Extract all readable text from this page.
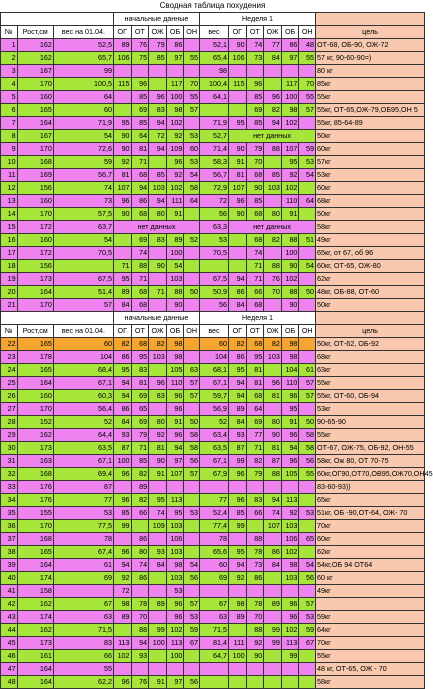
Сводная таблица похудения
			начальные данные					Неделя 1						
№	Рост,см	вес на 01.04.	ОГ	ОТ	ОЖ	ОБ	ОН	вес	ОГ	ОТ	ОЖ	ОБ	ОН	цель
1	162	52,5	89	76	79	86		52,1	90	74	77	86	48	ОТ-68, ОБ-90, ОЖ-72
2	162	65,7	106	75	85	97	55	65,4	106	73	84	97	55	57 кг, 90-60-90=)
3	167	99						98						80 кг
4	170	100,5	115	96		117	70	100,4	115	96		117	70	85кг
5	160	64		85	96	100	55	64,1		85	96	100	55	55кг
6	165	60		69	83	98	57			69	82	98	57	55кг, ОТ-65,ОЖ-79,ОБ95,ОН 5
7	164	71,9	95	85	94	102		71,9	95	85	94	102		55кг, 85-64-89
8	167	54	90	64	72	92	53	52,7	нет данных					50кг
9	170	72,6	90	81	94	109	60	71,4	90	79	88	107	59	60кг
10	168	59	92	71		96	53	58,3	91	70		95	53	57кг
11	169	56,7	81	68	85	92	54	56,7	81	68	85	92	54	53кг
12	156	74	107	94	103	102	58	72,9	107	90	103	102		60кг
13	160	73	96	86	94	111	64	72	96	85		110	64	68кг
14	170	57,5	90	68	80	91		56	90	68	80	91		50кг
15	172	63,7	нет данных					63,3	нет данных					58кг
16	160	54		69	83	89	52	53		68	82	88	51	49кг
17	172	70,5		74		100		70,5		74		100		65кг, от 67, об 96
18	156		71	88	90	54				71	88	90	54	60кг, ОТ-65, ОЖ-80
19	173	67,5	95	71		103		67,5	94	71	76	102		62кг
20	164	51,4	89	68	71	88	50	50,9	86	66	70	88	50	48кг, ОБ-88, ОТ-60
21	170	57	84	68		90		56	84	68		90		50кг
			начальные данные					Неделя 1						
№	Рост,см	вес на 01.04.	ОГ	ОТ	ОЖ	ОБ	ОН	вес	ОГ	ОТ	ОЖ	ОБ	ОН	цель
22	165	60	82	68	82	98		60	82	68	82	98		50кг, ОТ-62, ОБ-92
23	178	104	86	95	103	98		104	86	95	103	98		68кг
24	165	68,4	95	83		105	63	68,1	95	81		104	61	63кг
25	164	67,1	94	81	96	110	57	67,1	94	81	96	110	57	55кг
26	160	60,3	94	69	83	96	57	59,7	94	68	81	96	57	55кг, ОТ-60, ОБ-94
27	170	56,4	86	65		96		56,9	89	64		95		53кг
28	152	52	84	69	80	91	50	52	84	69	80	91	50	90-65-90
29	162	64,4	93	79	92	96	58	63,4	93	77	90	96	58	55кг
30	173	63,5	87	71	81	94	58	63,5	87	71	81	94	58	ОТ-67, ОЖ-75, ОБ-92, ОН-55
31	163	67,1	100	85	90	97	56	67,1	99	82	87	96	56	58кг, Ож 80, ОТ 70-75
32	168	69,4	96	82	91	107	57	67,9	96	79	88	105	55	60кг,ОГ90,ОТ70,ОВ95,ОЖ70,ОН45
33	176	87		89										83-60-93))
34	176	77	96	82	95	113		77	96	83	94	113		65кг
35	155	53	85	66	74	95	53	52,4	85	66	74	92	53	51кг, ОБ -90,ОТ-64, ОЖ- 70
36	170	77,5	99		109	103		77,4	99		107	103		70кг
37	168	78		86		106		78		88		106	65	60кг
38	165	67,4	96	80	93	103		65,6	95	78	86	102		62кг
39	164	61	94	74	84	98	54	60	94	73	84	98	54	54кг,ОБ 94 ОТ64
40	174	69	92	86		103	56	69	92	86		103	56	60 кг
41	158		72			53								49кг
42	162	67	98	78	89	96	57	67	98	78	89	96	57	
43	174	63	89	70		96	53	63	89	70		96	53	59кг
44	162	71,5		88	99	102	59	71,5		88	99	102	59	64кг
45	173	83	113	94	100	113	67	81,4	111	92	99	113	67	70кг
46	161	66	102	93		100		64,7	100	90		99		55кг
47	164	55												48 кг, ОТ-65, ОЖ - 70
48	164	62,2	96	76	91	97	56							58кг
